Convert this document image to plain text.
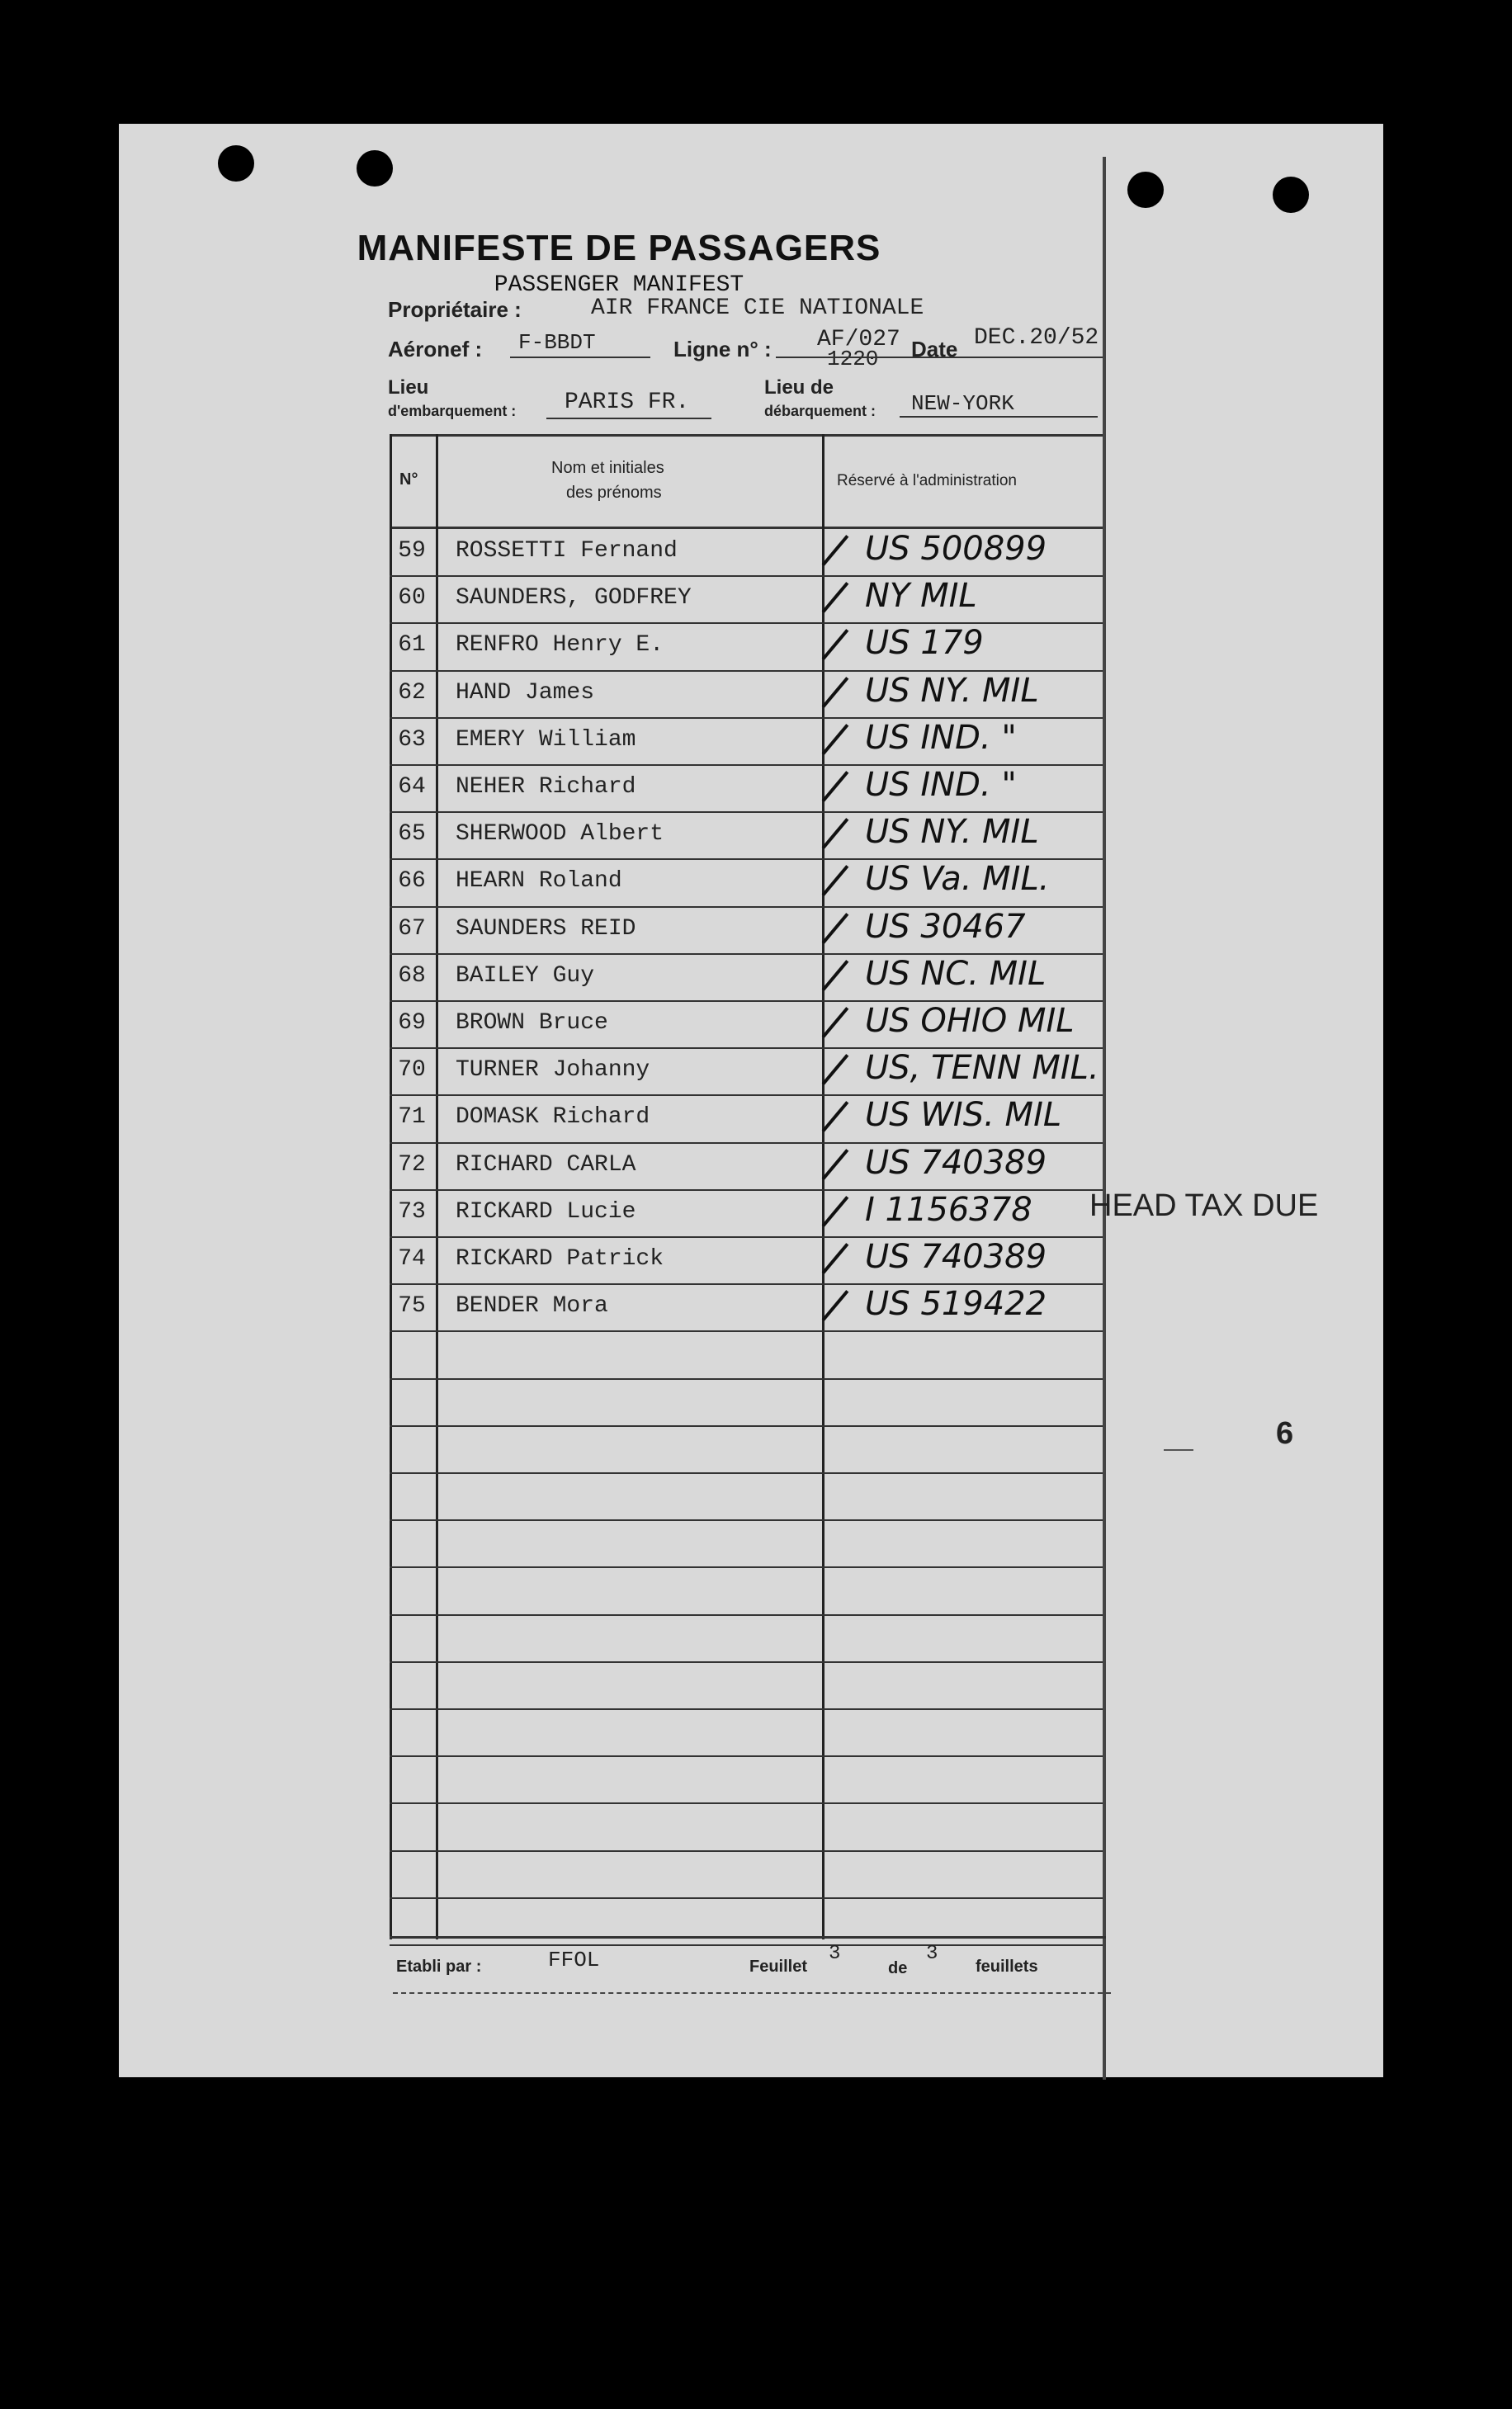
MANIFESTE DE PASSAGERS
PASSENGER MANIFEST
Propriétaire :	AIR FRANCE CIE NATIONALE
Aéronef : F-BBDT	Ligne n° : AF/027
1220 Date DEC.20/52
Lieu
d'embarquement : PARIS FR.
Lieu de
débarquement : NEW-YORK
N°
Nom et initiales
des prénoms
Réservé à l'administration
59 ROSSETTI Fernand	US 500899
60 SAUNDERS, GODFREY	NY MIL
61 RENFRO Henry E.	US 179
62 HAND James	US NY. MIL
63 EMERY William	US IND. "
64 NEHER Richard	US IND. "
65 SHERWOOD Albert	US NY. MIL
66 HEARN Roland	US Va. MIL.
67 SAUNDERS REID	US 30467
68 BAILEY Guy	US NC. MIL
69 BROWN Bruce	US OHIO MIL
70 TURNER Johanny	US, TENN MIL.
71 DOMASK Richard	US WIS. MIL
72 RICHARD CARLA	US 740389
73 RICKARD Lucie	I 1156378
74 RICKARD Patrick	US 740389
75 BENDER Mora	US 519422
HEAD TAX DUE
6
Etabli par :	FFOL	Feuillet
3
de
3
feuillets
